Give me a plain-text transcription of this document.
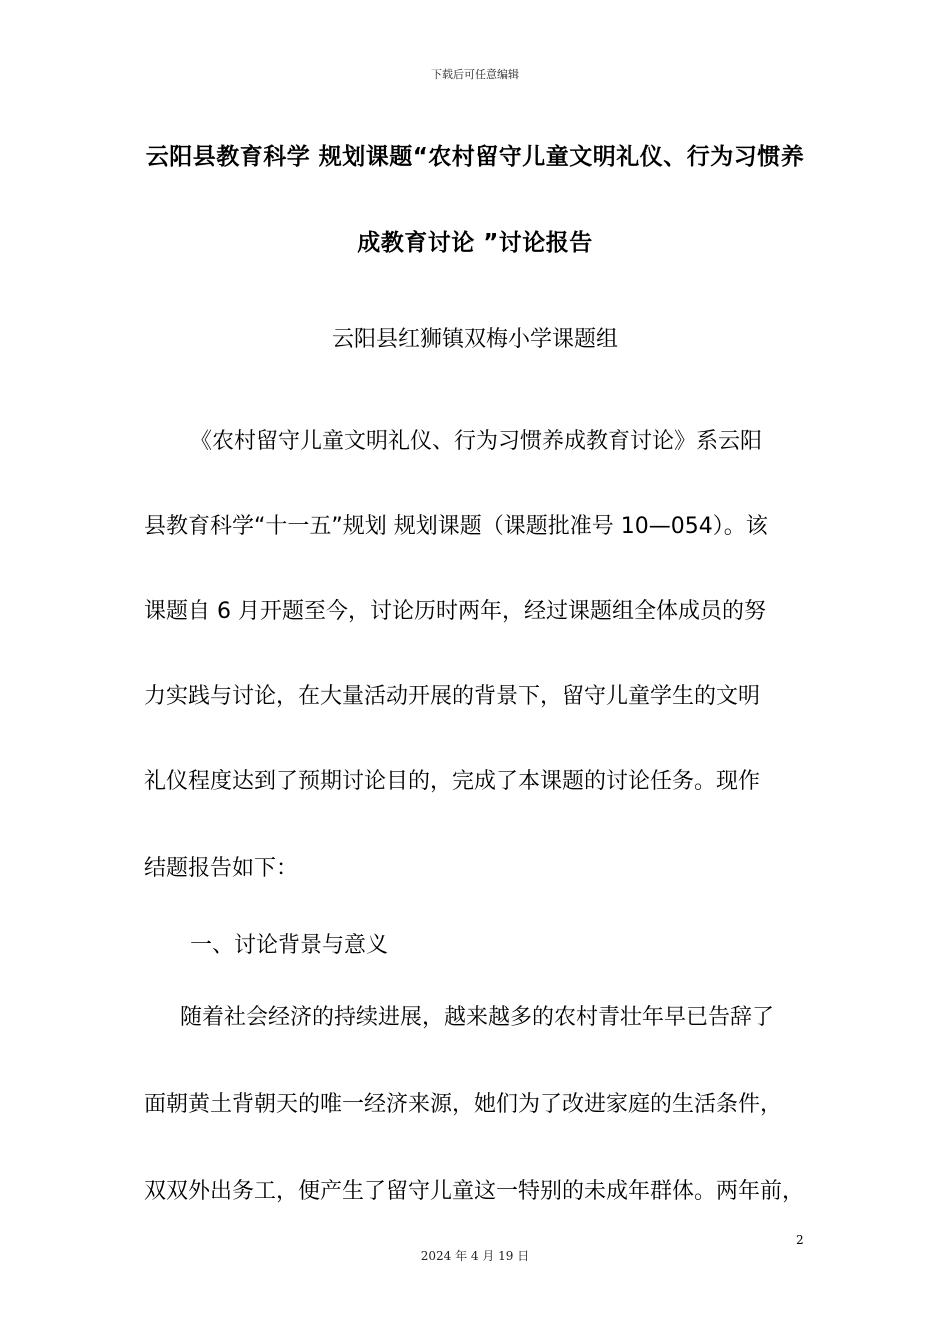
下载后可任意编辑
云阳县教育科学 规划课题“农村留守儿童文明礼仪、行为习惯养
成教育讨论 ”讨论报告
云阳县红狮镇双梅小学课题组
《农村留守儿童文明礼仪、行为习惯养成教育讨论》系云阳
县教育科学“十一五”规划 规划课题（课题批准号 10—054）。该
课题自 6 月开题至今，讨论历时两年，经过课题组全体成员的努
力实践与讨论，在大量活动开展的背景下，留守儿童学生的文明
礼仪程度达到了预期讨论目的，完成了本课题的讨论任务。现作
结题报告如下：
一、讨论背景与意义
随着社会经济的持续进展，越来越多的农村青壮年早已告辞了
面朝黄土背朝天的唯一经济来源，她们为了改进家庭的生活条件，
双双外出务工，便产生了留守儿童这一特别的未成年群体。两年前，
2
2024 年 4 月 19 日
